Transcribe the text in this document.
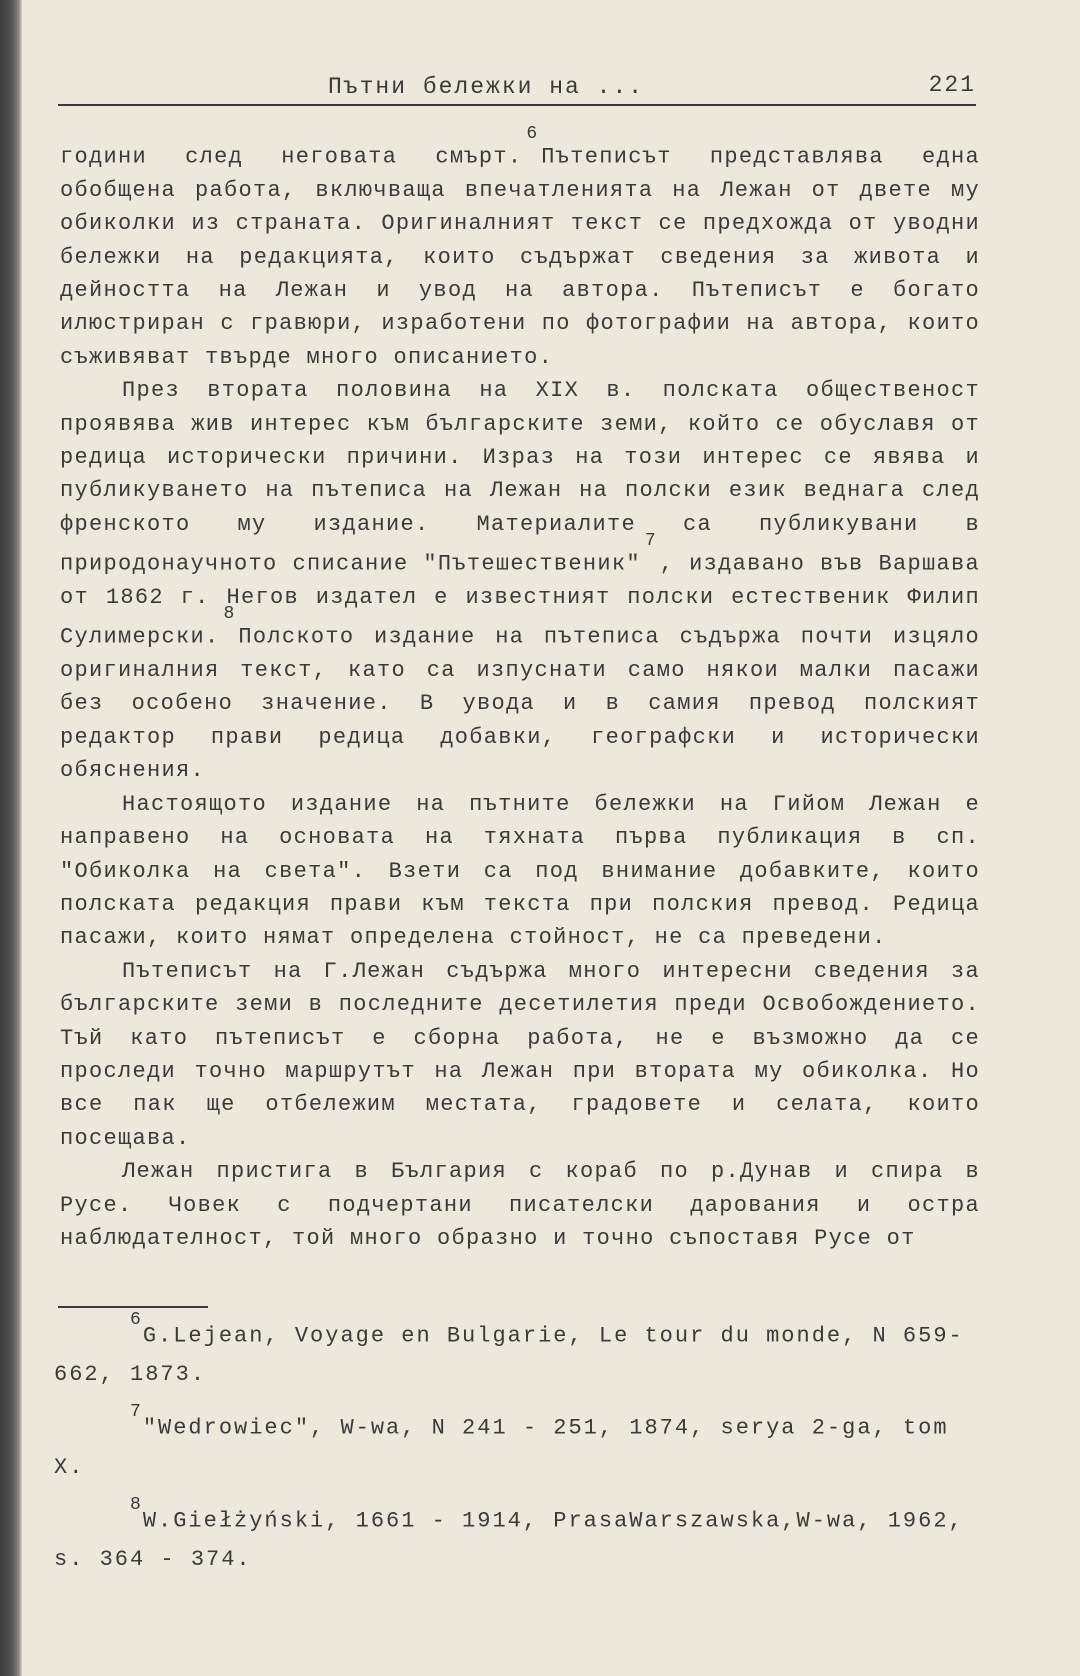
Пътни бележки на ...	221

години след неговата смърт.$^6$Пътеписът представлява една обобщена работа, включваща впечатленията на Лежан от двете му обиколки из страната. Оригиналният текст се предхожда от уводни бележки на редакцията, които съдържат сведения за живота и дейността на Лежан и увод на автора. Пътеписът е богато илюстриран с гравюри, изработени по фотографии на автора, които съживяват твърде много описанието.

През втората половина на XIX в. полската общественост проявява жив интерес към българските земи, който се обуславя от редица исторически причини. Израз на този интерес се явява и публикуването на пътеписа на Лежан на полски език веднага след френското му издание. Материалите са публикувани в природонаучното списание "Пътешественик"$^7$, издавано във Варшава от 1862 г. Негов издател е известният полски естественик Филип Сулимерски.$^8$Полското издание на пътеписа съдържа почти изцяло оригиналния текст, като са изпуснати само някои малки пасажи без особено значение. В увода и в самия превод полският редактор прави редица добавки, географски и исторически обяснения.

Настоящото издание на пътните бележки на Гийом Лежан е направено на основата на тяхната първа публикация в сп. "Обиколка на света". Взети са под внимание добавките, които полската редакция прави към текста при полския превод. Редица пасажи, които нямат определена стойност, не са преведени.

Пътеписът на Г.Лежан съдържа много интересни сведения за българските земи в последните десетилетия преди Освобождението. Тъй като пътеписът е сборна работа, не е възможно да се проследи точно маршрутът на Лежан при втората му обиколка. Но все пак ще отбележим местата, градовете и селата, които посещава.

Лежан пристига в България с кораб по р.Дунав и спира в Русе. Човек с подчертани писателски дарования и остра наблюдателност, той много образно и точно съпоставя Русе от

$^6$G.Lejean, Voyage en Bulgarie, Le tour du monde, N 659-662, 1873.

$^7$"Wedrowiec", W-wa, N 241 - 251, 1874, serya 2-ga, tom X.

$^8$W.Giełżyński, 1661 - 1914, PrasaWarszawska,W-wa, 1962, s. 364 - 374.
